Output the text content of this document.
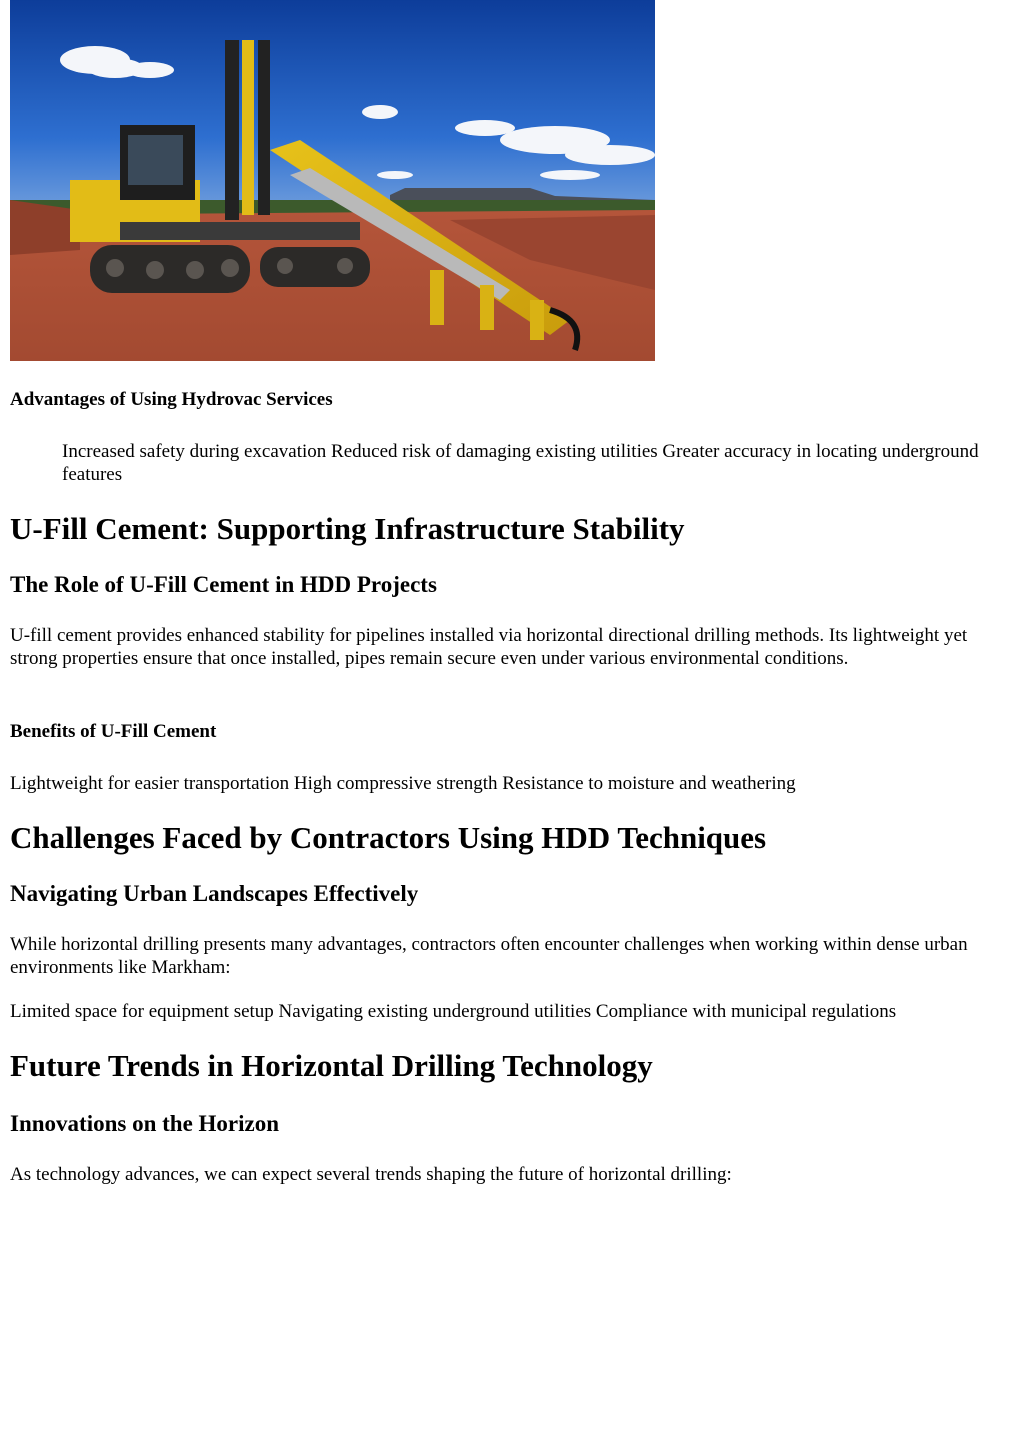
Advantages of Using Hydrovac Services

Increased safety during excavation Reduced risk of damaging existing utilities Greater accuracy in locating underground features

U-Fill Cement: Supporting Infrastructure Stability
The Role of U-Fill Cement in HDD Projects

U-fill cement provides enhanced stability for pipelines installed via horizontal directional drilling methods. Its lightweight yet strong properties ensure that once installed, pipes remain secure even under various environmental conditions.

Benefits of U-Fill Cement

Lightweight for easier transportation High compressive strength Resistance to moisture and weathering

Challenges Faced by Contractors Using HDD Techniques
Navigating Urban Landscapes Effectively

While horizontal drilling presents many advantages, contractors often encounter challenges when working within dense urban environments like Markham:

Limited space for equipment setup Navigating existing underground utilities Compliance with municipal regulations

Future Trends in Horizontal Drilling Technology
Innovations on the Horizon

As technology advances, we can expect several trends shaping the future of horizontal drilling:
